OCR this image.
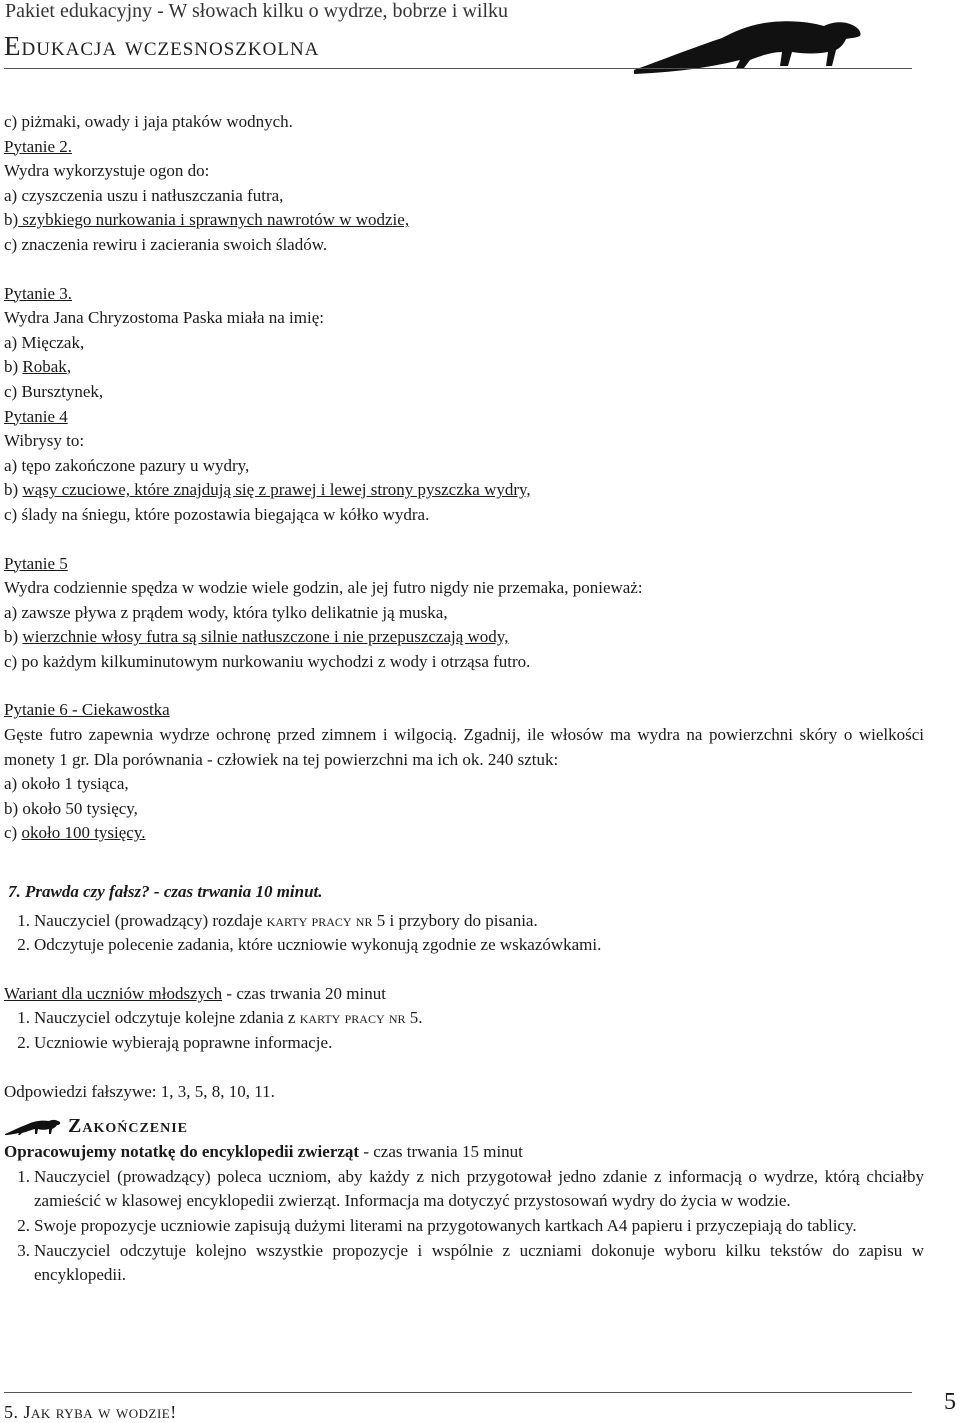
Pakiet edukacyjny - W słowach kilku o wydrze, bobrze i wilku
Edukacja wczesnoszkolna
c) piżmaki, owady i jaja ptaków wodnych.
Pytanie 2.
Wydra wykorzystuje ogon do:
a) czyszczenia uszu i natłuszczania futra,
b) szybkiego nurkowania i sprawnych nawrotów w wodzie,
c) znaczenia rewiru i zacierania swoich śladów.
Pytanie 3.
Wydra Jana Chryzostoma Paska miała na imię:
a) Mięczak,
b) Robak,
c) Bursztynek,
Pytanie 4
Wibrysy to:
a) tępo zakończone pazury u wydry,
b) wąsy czuciowe, które znajdują się z prawej i lewej strony pyszczka wydry,
c) ślady na śniegu, które pozostawia biegająca w kółko wydra.
Pytanie 5
Wydra codziennie spędza w wodzie wiele godzin, ale jej futro nigdy nie przemaka, ponieważ:
a) zawsze pływa z prądem wody, która tylko delikatnie ją muska,
b) wierzchnie włosy futra są silnie natłuszczone i nie przepuszczają wody,
c) po każdym kilkuminutowym nurkowaniu wychodzi z wody i otrząsa futro.
Pytanie 6 - Ciekawostka
Gęste futro zapewnia wydrze ochronę przed zimnem i wilgocią. Zgadnij, ile włosów ma wydra na powierzchni skóry o wielkości monety 1 gr. Dla porównania - człowiek na tej powierzchni ma ich ok. 240 sztuk:
a) około 1 tysiąca,
b) około 50 tysięcy,
c) około 100 tysięcy.
7. Prawda czy fałsz? - czas trwania 10 minut.
1. Nauczyciel (prowadzący) rozdaje karty pracy nr 5 i przybory do pisania.
2. Odczytuje polecenie zadania, które uczniowie wykonują zgodnie ze wskazówkami.
Wariant dla uczniów młodszych - czas trwania 20 minut
1. Nauczyciel odczytuje kolejne zdania z karty pracy nr 5.
2. Uczniowie wybierają poprawne informacje.
Odpowiedzi fałszywe: 1, 3, 5, 8, 10, 11.
Zakończenie
Opracowujemy notatkę do encyklopedii zwierząt - czas trwania 15 minut
1. Nauczyciel (prowadzący) poleca uczniom, aby każdy z nich przygotował jedno zdanie z informacją o wydrze, którą chciałby zamieścić w klasowej encyklopedii zwierząt. Informacja ma dotyczyć przystosowań wydry do życia w wodzie.
2. Swoje propozycje uczniowie zapisują dużymi literami na przygotowanych kartkach A4 papieru i przyczepiają do tablicy.
3. Nauczyciel odczytuje kolejno wszystkie propozycje i wspólnie z uczniami dokonuje wyboru kilku tekstów do zapisu w encyklopedii.
5. Jak ryba w wodzie!	5
